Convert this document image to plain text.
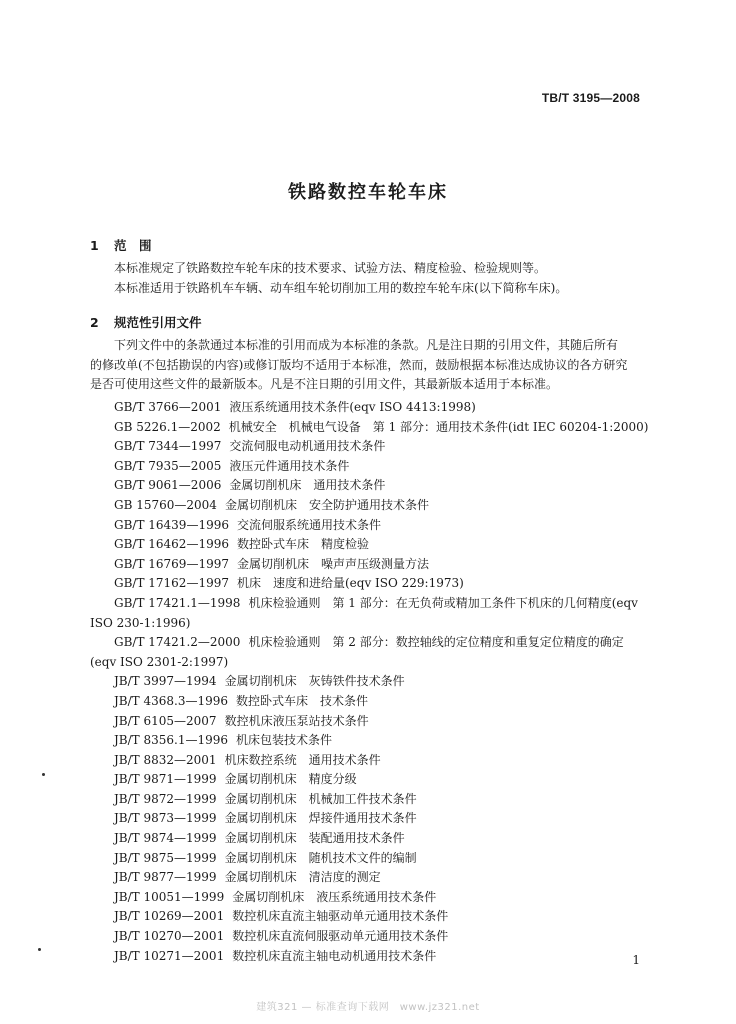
TB/T 3195—2008
铁路数控车轮车床
1 范　围
本标准规定了铁路数控车轮车床的技术要求、试验方法、精度检验、检验规则等。
本标准适用于铁路机车车辆、动车组车轮切削加工用的数控车轮车床(以下简称车床)。
2 规范性引用文件
下列文件中的条款通过本标准的引用而成为本标准的条款。凡是注日期的引用文件，其随后所有
的修改单(不包括勘误的内容)或修订版均不适用于本标准，然而，鼓励根据本标准达成协议的各方研究
是否可使用这些文件的最新版本。凡是不注日期的引用文件，其最新版本适用于本标准。
GB/T 3766—2001 液压系统通用技术条件(eqv ISO 4413:1998)
GB 5226.1—2002 机械安全　机械电气设备　第 1 部分：通用技术条件(idt IEC 60204-1:2000)
GB/T 7344—1997 交流伺服电动机通用技术条件
GB/T 7935—2005 液压元件通用技术条件
GB/T 9061—2006 金属切削机床　通用技术条件
GB 15760—2004 金属切削机床　安全防护通用技术条件
GB/T 16439—1996 交流伺服系统通用技术条件
GB/T 16462—1996 数控卧式车床　精度检验
GB/T 16769—1997 金属切削机床　噪声声压级测量方法
GB/T 17162—1997 机床　速度和进给量(eqv ISO 229:1973)
GB/T 17421.1—1998 机床检验通则　第 1 部分：在无负荷或精加工条件下机床的几何精度(eqv
ISO 230-1:1996)
GB/T 17421.2—2000 机床检验通则　第 2 部分：数控轴线的定位精度和重复定位精度的确定
(eqv ISO 2301-2:1997)
JB/T 3997—1994 金属切削机床　灰铸铁件技术条件
JB/T 4368.3—1996 数控卧式车床　技术条件
JB/T 6105—2007 数控机床液压泵站技术条件
JB/T 8356.1—1996 机床包装技术条件
JB/T 8832—2001 机床数控系统　通用技术条件
JB/T 9871—1999 金属切削机床　精度分级
JB/T 9872—1999 金属切削机床　机械加工件技术条件
JB/T 9873—1999 金属切削机床　焊接件通用技术条件
JB/T 9874—1999 金属切削机床　装配通用技术条件
JB/T 9875—1999 金属切削机床　随机技术文件的编制
JB/T 9877—1999 金属切削机床　清洁度的测定
JB/T 10051—1999 金属切削机床　液压系统通用技术条件
JB/T 10269—2001 数控机床直流主轴驱动单元通用技术条件
JB/T 10270—2001 数控机床直流伺服驱动单元通用技术条件
JB/T 10271—2001 数控机床直流主轴电动机通用技术条件	1
建筑321 — 标准查询下载网　www.jz321.net
